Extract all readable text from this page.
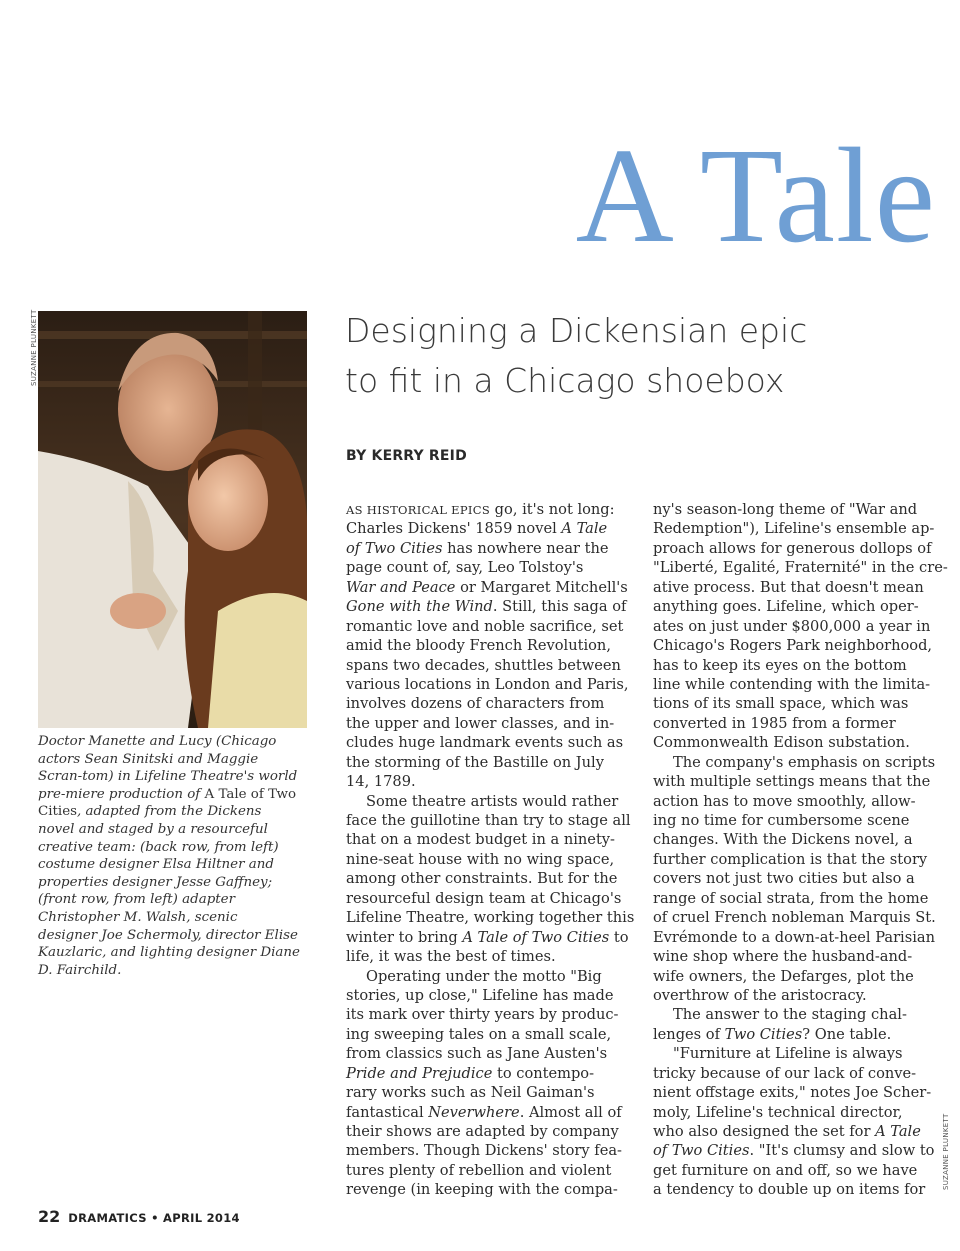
A Tale
SUZANNE PLUNKETT
Doctor Manette and Lucy (Chicago actors Sean Sinitski and Maggie Scran-tom) in Lifeline Theatre's world pre-miere production of A Tale of Two Cities, adapted from the Dickens novel and staged by a resourceful creative team: (back row, from left) costume designer Elsa Hiltner and properties designer Jesse Gaffney; (front row, from left) adapter Christopher M. Walsh, scenic designer Joe Schermoly, director Elise Kauzlaric, and lighting designer Diane D. Fairchild.
Designing a Dickensian epic
to fit in a Chicago shoebox
BY KERRY REID
AS HISTORICAL EPICS go, it's not long:
Charles Dickens' 1859 novel A Tale
of Two Cities has nowhere near the
page count of, say, Leo Tolstoy's
War and Peace or Margaret Mitchell's
Gone with the Wind. Still, this saga of
romantic love and noble sacrifice, set
amid the bloody French Revolution,
spans two decades, shuttles between
various locations in London and Paris,
involves dozens of characters from
the upper and lower classes, and in-
cludes huge landmark events such as
the storming of the Bastille on July
14, 1789.
Some theatre artists would rather
face the guillotine than try to stage all
that on a modest budget in a ninety-
nine-seat house with no wing space,
among other constraints. But for the
resourceful design team at Chicago's
Lifeline Theatre, working together this
winter to bring A Tale of Two Cities to
life, it was the best of times.
Operating under the motto "Big
stories, up close," Lifeline has made
its mark over thirty years by produc-
ing sweeping tales on a small scale,
from classics such as Jane Austen's
Pride and Prejudice to contempo-
rary works such as Neil Gaiman's
fantastical Neverwhere. Almost all of
their shows are adapted by company
members. Though Dickens' story fea-
tures plenty of rebellion and violent
revenge (in keeping with the compa-
ny's season-long theme of "War and
Redemption"), Lifeline's ensemble ap-
proach allows for generous dollops of
"Liberté, Egalité, Fraternité" in the cre-
ative process. But that doesn't mean
anything goes. Lifeline, which oper-
ates on just under $800,000 a year in
Chicago's Rogers Park neighborhood,
has to keep its eyes on the bottom
line while contending with the limita-
tions of its small space, which was
converted in 1985 from a former
Commonwealth Edison substation.
The company's emphasis on scripts
with multiple settings means that the
action has to move smoothly, allow-
ing no time for cumbersome scene
changes. With the Dickens novel, a
further complication is that the story
covers not just two cities but also a
range of social strata, from the home
of cruel French nobleman Marquis St.
Evrémonde to a down-at-heel Parisian
wine shop where the husband-and-
wife owners, the Defarges, plot the
overthrow of the aristocracy.
The answer to the staging chal-
lenges of Two Cities? One table.
"Furniture at Lifeline is always
tricky because of our lack of conve-
nient offstage exits," notes Joe Scher-
moly, Lifeline's technical director,
who also designed the set for A Tale
of Two Cities. "It's clumsy and slow to
get furniture on and off, so we have
a tendency to double up on items for SUZANNE PLUNKETT
22 DRAMATICS • APRIL 2014
